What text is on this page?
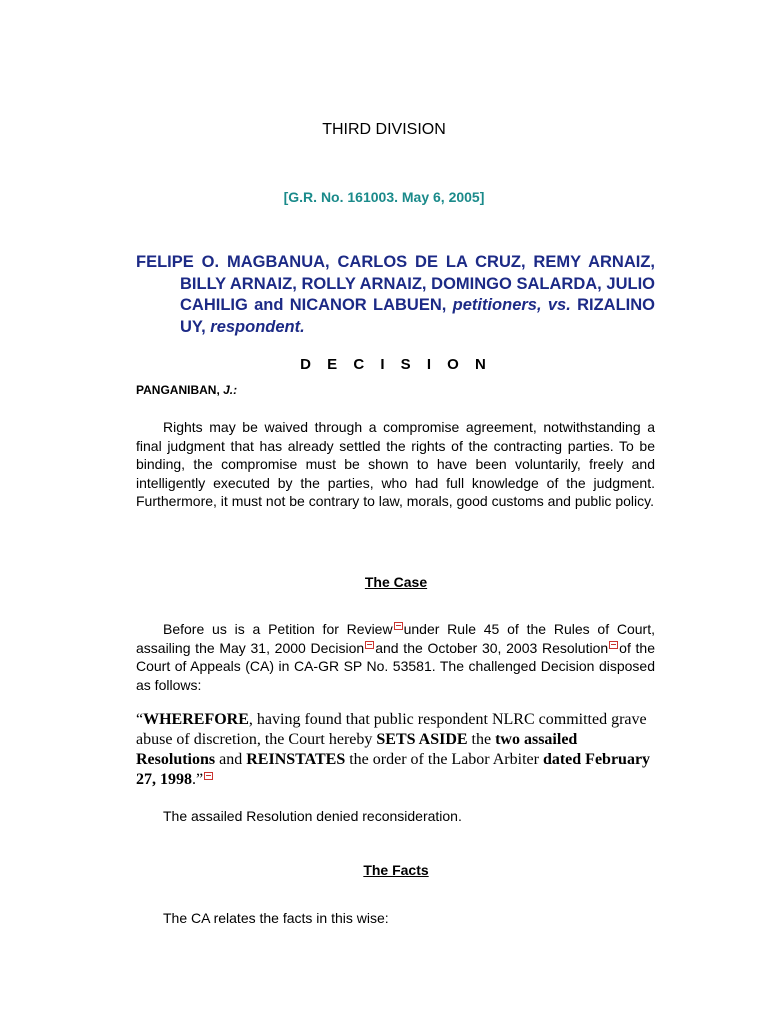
THIRD DIVISION
[G.R. No. 161003. May 6, 2005]

FELIPE O. MAGBANUA, CARLOS DE LA CRUZ, REMY ARNAIZ, BILLY ARNAIZ, ROLLY ARNAIZ, DOMINGO SALARDA, JULIO CAHILIG and NICANOR LABUEN, petitioners, vs. RIZALINO UY, respondent.

D E C I S I O N
PANGANIBAN, J.:
Rights may be waived through a compromise agreement, notwithstanding a final judgment that has already settled the rights of the contracting parties. To be binding, the compromise must be shown to have been voluntarily, freely and intelligently executed by the parties, who had full knowledge of the judgment. Furthermore, it must not be contrary to law, morals, good customs and public policy.
The Case
Before us is a Petition for Review under Rule 45 of the Rules of Court, assailing the May 31, 2000 Decision and the October 30, 2003 Resolution of the Court of Appeals (CA) in CA-GR SP No. 53581. The challenged Decision disposed as follows:
“WHEREFORE, having found that public respondent NLRC committed grave abuse of discretion, the Court hereby SETS ASIDE the two assailed Resolutions and REINSTATES the order of the Labor Arbiter dated February 27, 1998.”
The assailed Resolution denied reconsideration.
The Facts
The CA relates the facts in this wise:
